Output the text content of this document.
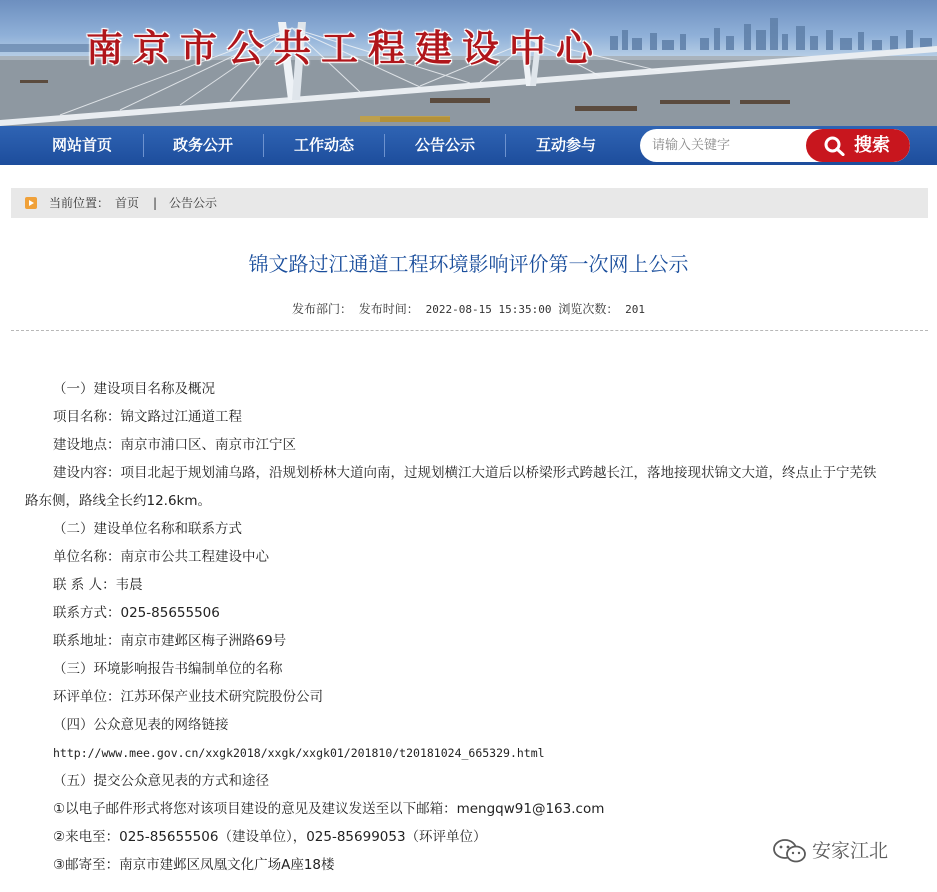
南京市公共工程建设中心
网站首页	政务公开	工作动态	公告公示	互动参与
请输入关键字	搜索
当前位置： 首页 | 公告公示
锦文路过江通道工程环境影响评价第一次网上公示
发布部门： 发布时间： 2022-08-15 15:35:00 浏览次数： 201
（一）建设项目名称及概况
项目名称：锦文路过江通道工程
建设地点：南京市浦口区、南京市江宁区
建设内容：项目北起于规划浦乌路，沿规划桥林大道向南，过规划横江大道后以桥梁形式跨越长江，落地接现状锦文大道，终点止于宁芜铁
路东侧，路线全长约12.6km。
（二）建设单位名称和联系方式
单位名称：南京市公共工程建设中心
联 系 人：韦晨
联系方式：025-85655506
联系地址：南京市建邺区梅子洲路69号
（三）环境影响报告书编制单位的名称
环评单位：江苏环保产业技术研究院股份公司
（四）公众意见表的网络链接
http://www.mee.gov.cn/xxgk2018/xxgk/xxgk01/201810/t20181024_665329.html
（五）提交公众意见表的方式和途径
①以电子邮件形式将您对该项目建设的意见及建议发送至以下邮箱：mengqw91@163.com
②来电至：025-85655506（建设单位），025-85699053（环评单位）
③邮寄至：南京市建邺区凤凰文化广场A座18楼
安家江北
